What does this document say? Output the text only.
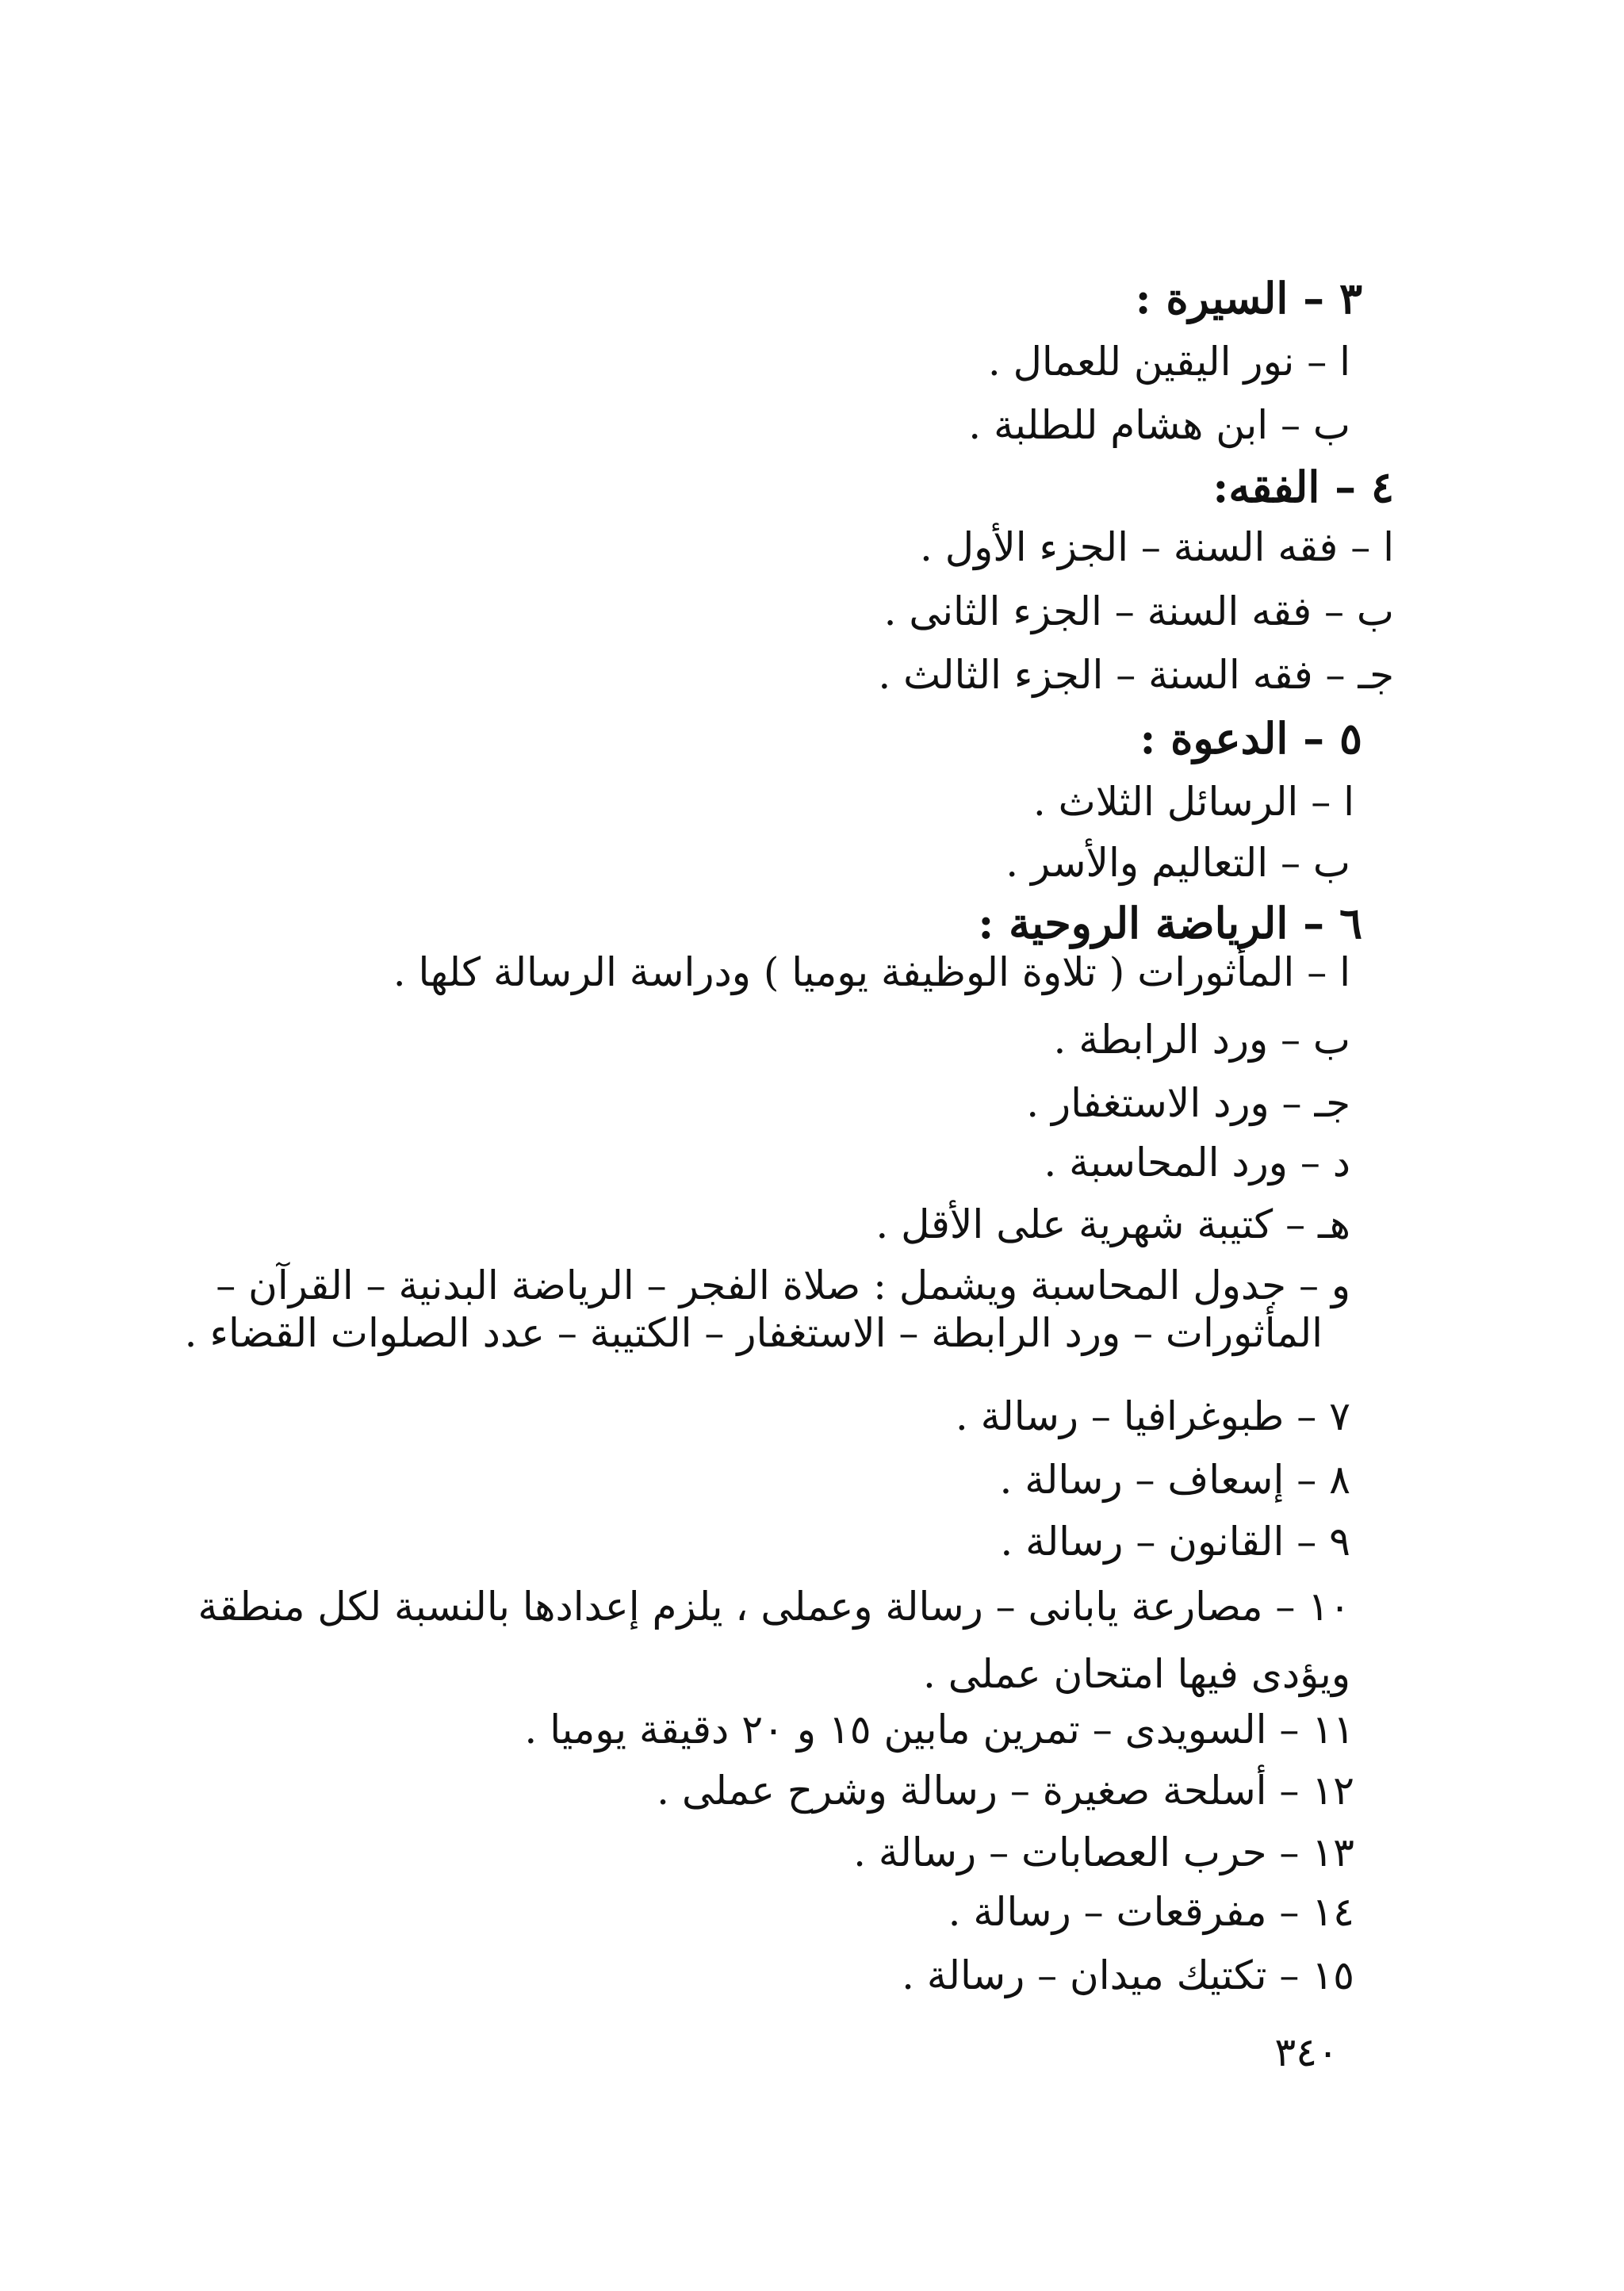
٣ – السيرة :
ا – نور اليقين للعمال .
ب – ابن هشام للطلبة .
٤ – الفقه:
ا – فقه السنة – الجزء الأول .
ب – فقه السنة – الجزء الثانى .
جـ – فقه السنة – الجزء الثالث .
٥ – الدعوة :
ا – الرسائل الثلاث .
ب – التعاليم والأسر .
٦ – الرياضة الروحية :
ا – المأثورات ( تلاوة الوظيفة يوميا ) ودراسة الرسالة كلها .
ب – ورد الرابطة .
جـ – ورد الاستغفار .
د – ورد المحاسبة .
هـ – كتيبة شهرية على الأقل .
و – جدول المحاسبة ويشمل : صلاة الفجر – الرياضة البدنية – القرآن –
المأثورات – ورد الرابطة – الاستغفار – الكتيبة – عدد الصلوات القضاء .
٧ – طبوغرافيا – رسالة .
٨ – إسعاف – رسالة .
٩ – القانون – رسالة .
١٠ – مصارعة يابانى – رسالة وعملى ، يلزم إعدادها بالنسبة لكل منطقة
ويؤدى فيها امتحان عملى .
١١ – السويدى – تمرين مابين ١٥ و ٢٠ دقيقة يوميا .
١٢ – أسلحة صغيرة – رسالة وشرح عملى .
١٣ – حرب العصابات – رسالة .
١٤ – مفرقعات – رسالة .
١٥ – تكتيك ميدان – رسالة .
٣٤٠
